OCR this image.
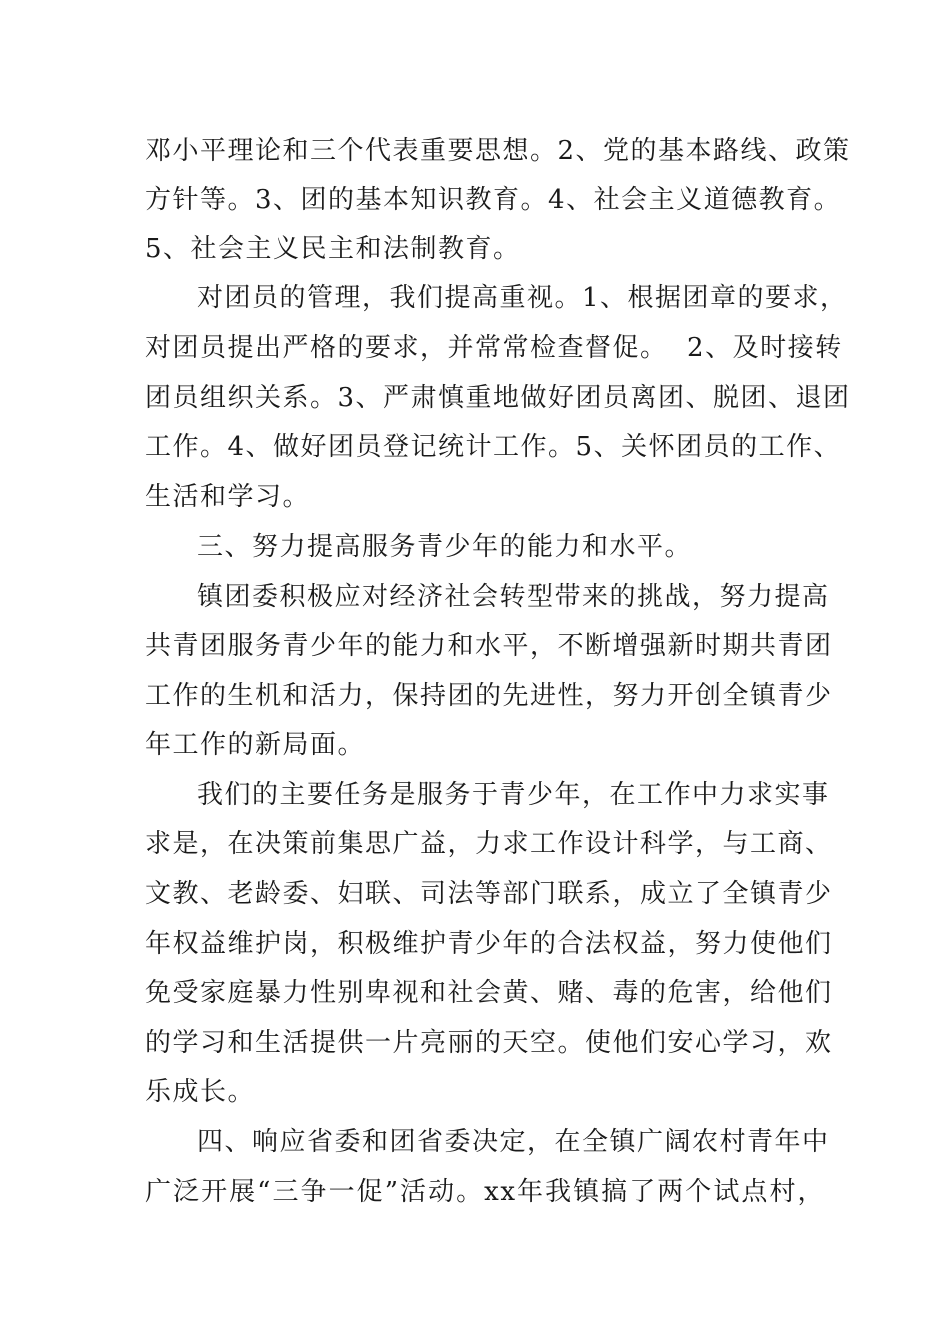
邓小平理论和三个代表重要思想。2、党的基本路线、政策
方针等。3、团的基本知识教育。4、社会主义道德教育。
5、社会主义民主和法制教育。
对团员的管理，我们提高重视。1、根据团章的要求，
对团员提出严格的要求，并常常检查督促。  2、及时接转
团员组织关系。3、严肃慎重地做好团员离团、脱团、退团
工作。4、做好团员登记统计工作。5、关怀团员的工作、
生活和学习。
三、努力提高服务青少年的能力和水平。
镇团委积极应对经济社会转型带来的挑战，努力提高
共青团服务青少年的能力和水平，不断增强新时期共青团
工作的生机和活力，保持团的先进性，努力开创全镇青少
年工作的新局面。
我们的主要任务是服务于青少年，在工作中力求实事
求是，在决策前集思广益，力求工作设计科学，与工商、
文教、老龄委、妇联、司法等部门联系，成立了全镇青少
年权益维护岗，积极维护青少年的合法权益，努力使他们
免受家庭暴力性别卑视和社会黄、赌、毒的危害，给他们
的学习和生活提供一片亮丽的天空。使他们安心学习，欢
乐成长。
四、响应省委和团省委决定，在全镇广阔农村青年中
广泛开展“三争一促”活动。xx年我镇搞了两个试点村，
